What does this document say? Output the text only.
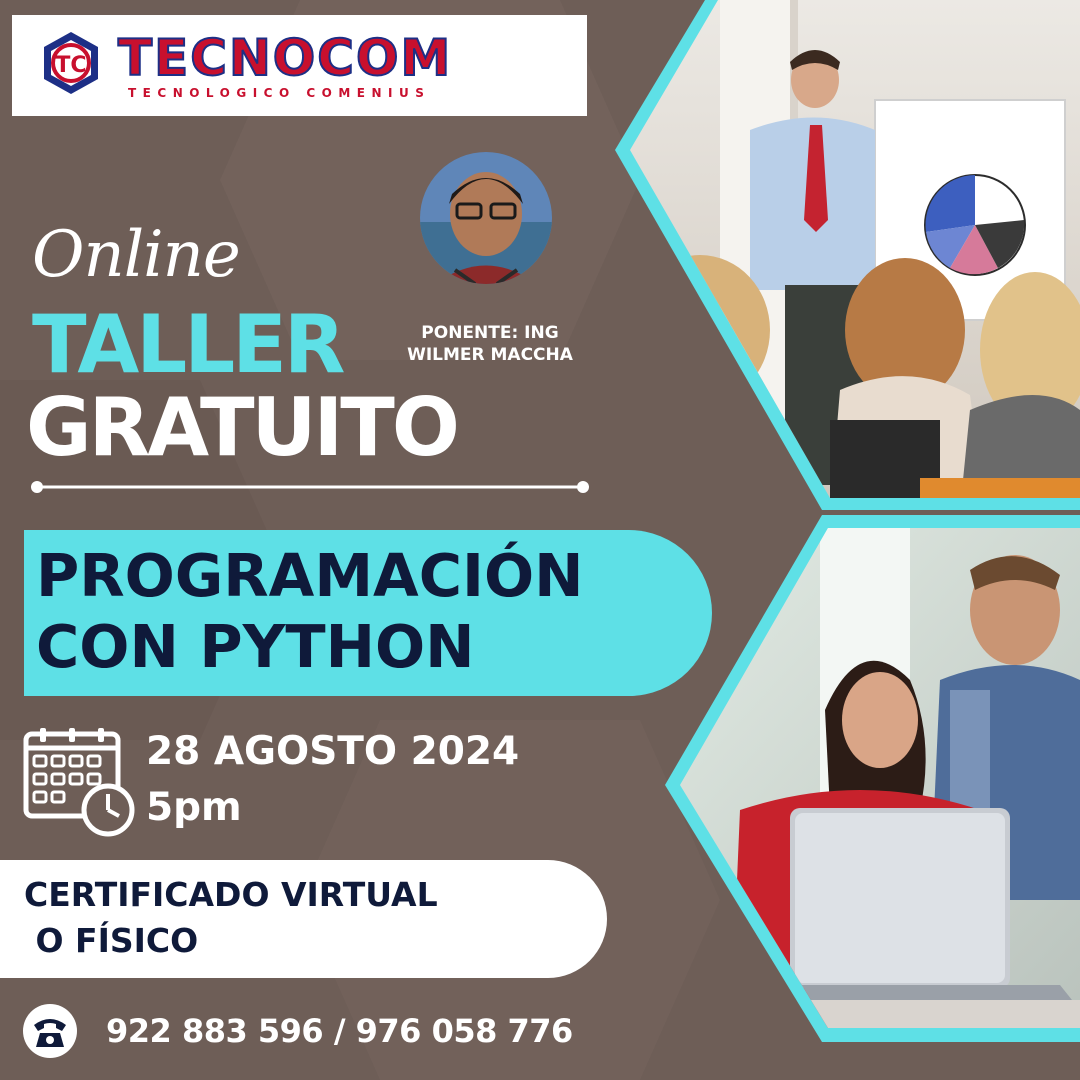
TC TECNOCOM
TECNOLOGICO COMENIUS
PONENTE: ING
WILMER MACCHA
Online
TALLER
GRATUITO
PROGRAMACIÓN
CON PYTHON
28 AGOSTO 2024
5pm
CERTIFICADO VIRTUAL
O FÍSICO
922 883 596 / 976 058 776
